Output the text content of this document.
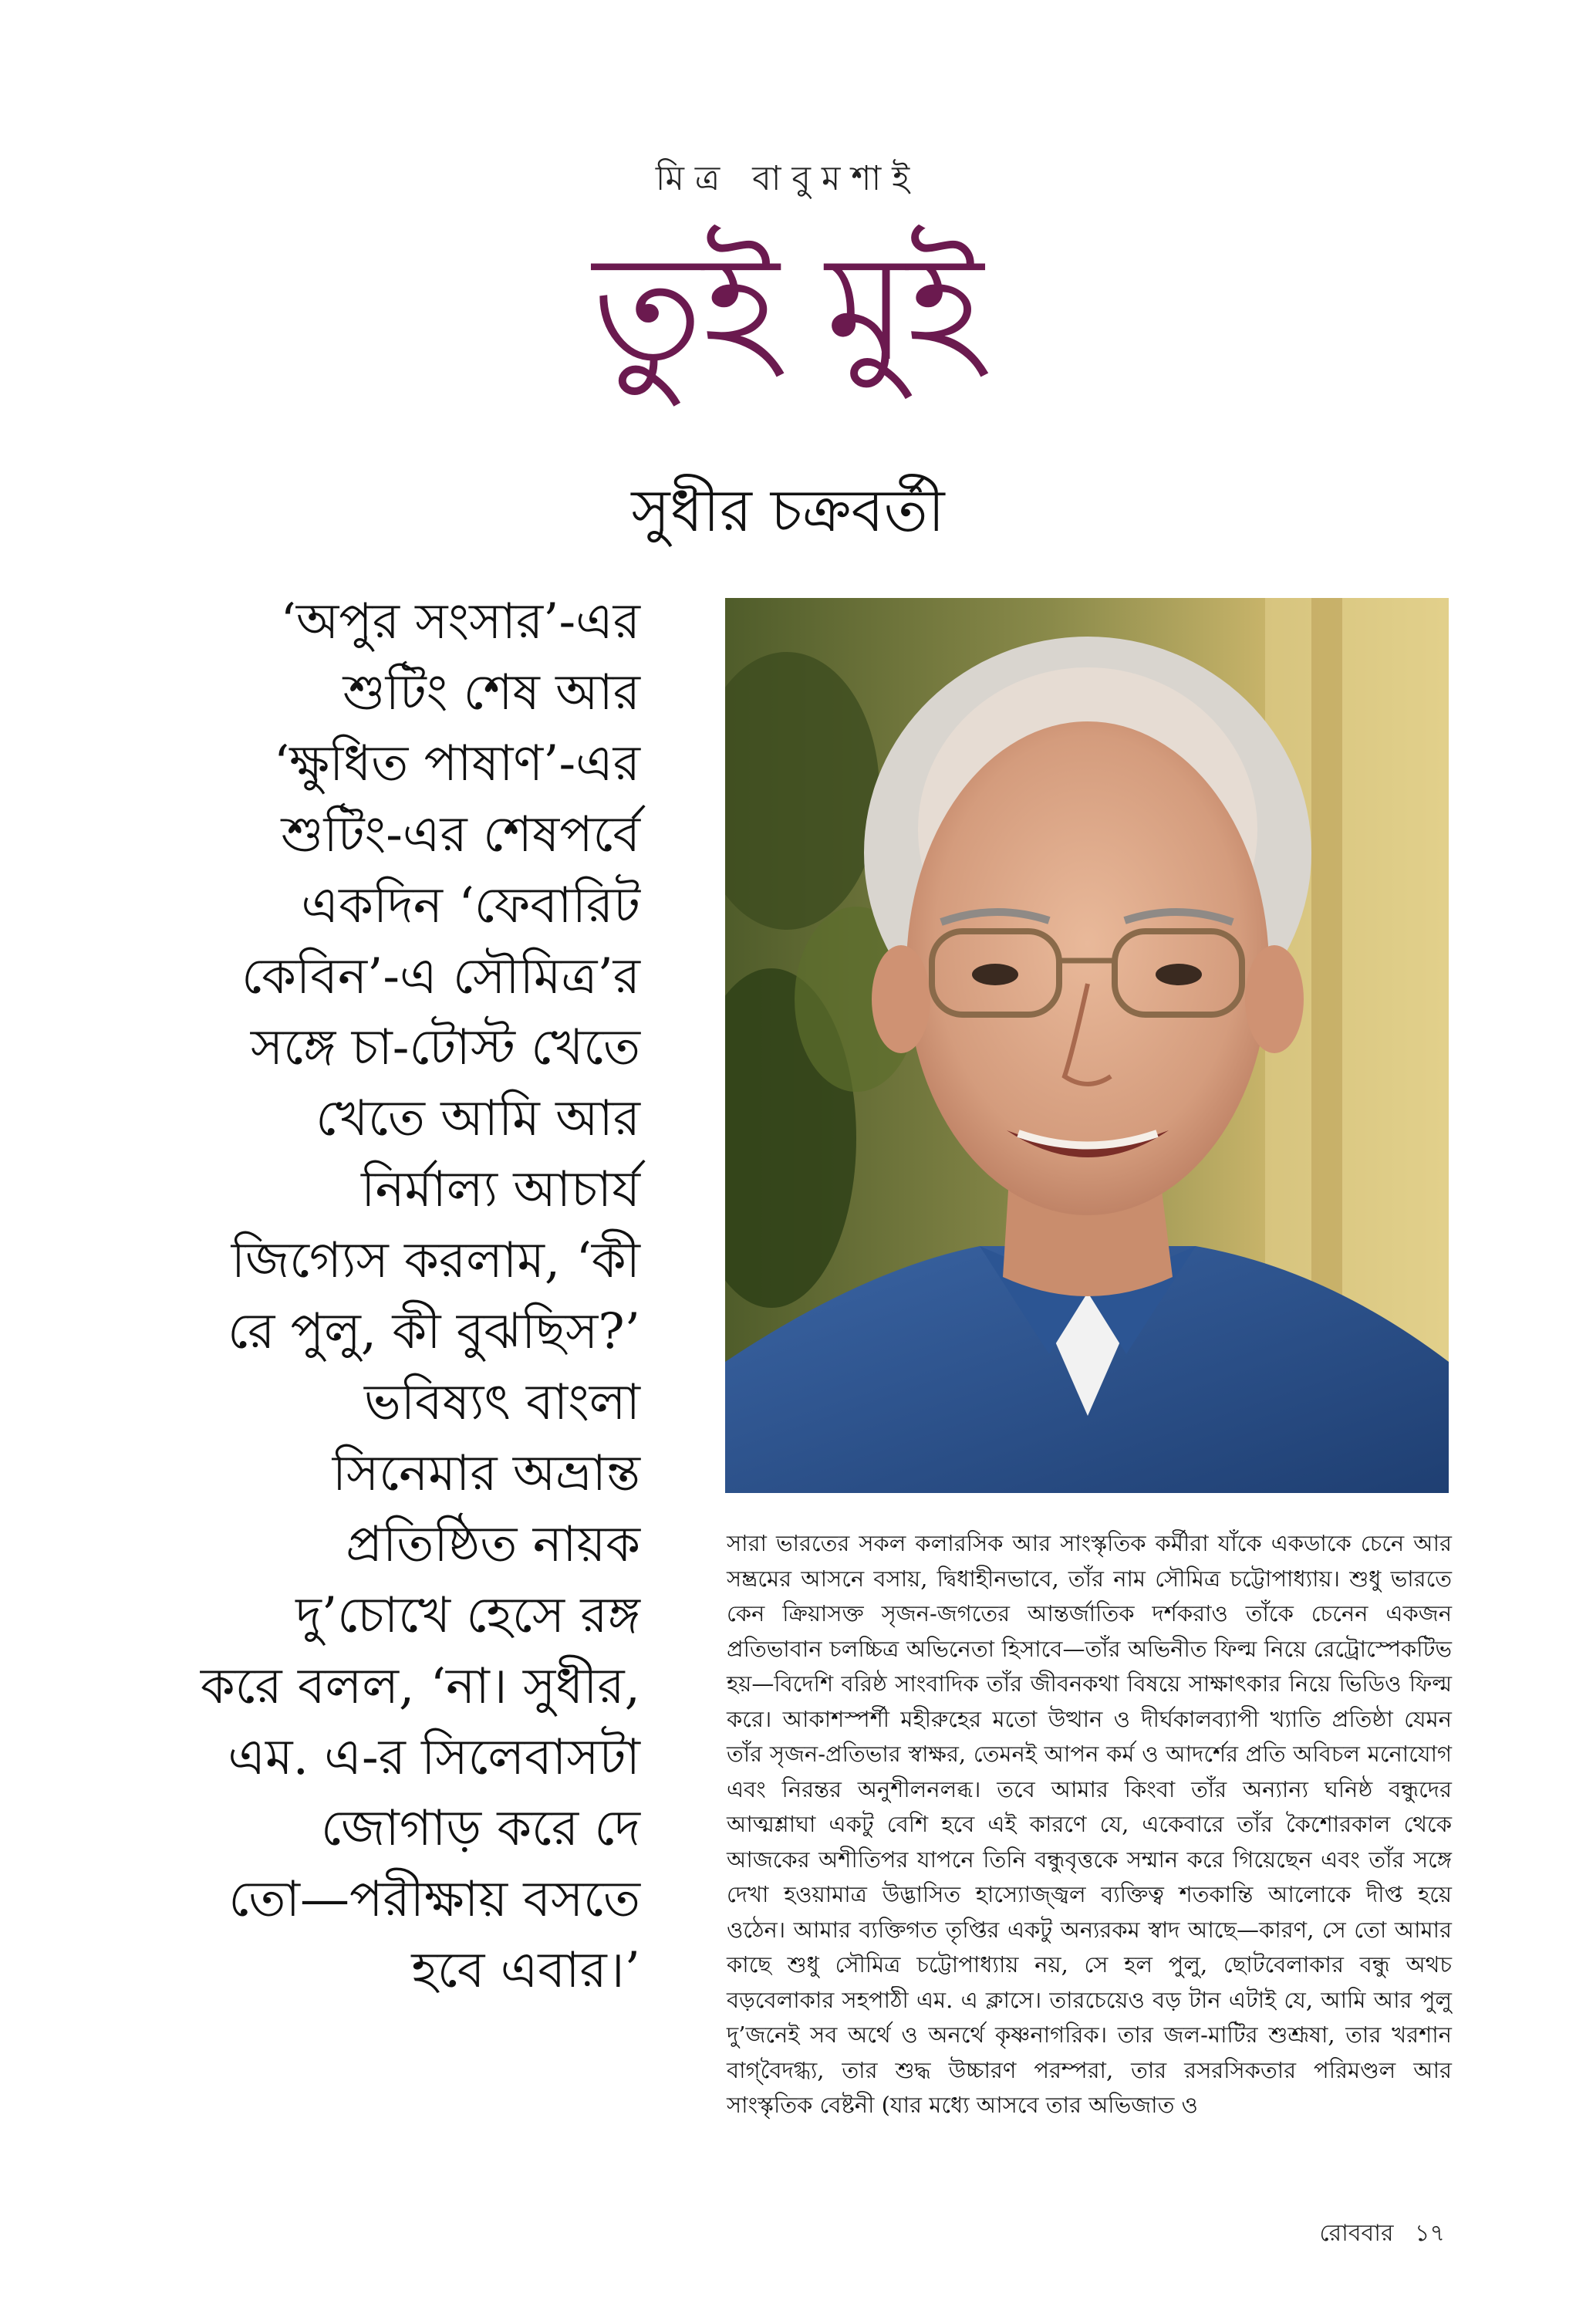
মিত্র বাবুমশাই
তুই মুই
সুধীর চক্রবর্তী
‘অপুর সংসার’-এর
শুটিং শেষ আর
‘ক্ষুধিত পাষাণ’-এর
শুটিং-এর শেষপর্বে
একদিন ‘ফেবারিট
কেবিন’-এ সৌমিত্র’র
সঙ্গে চা-টোস্ট খেতে
খেতে আমি আর
নির্মাল্য আচার্য
জিগ্যেস করলাম, ‘কী
রে পুলু, কী বুঝছিস?’
ভবিষ্যৎ বাংলা
সিনেমার অভ্রান্ত
প্রতিষ্ঠিত নায়ক
দু’চোখে হেসে রঙ্গ
করে বলল, ‘না। সুধীর,
এম. এ-র সিলেবাসটা
জোগাড় করে দে
তো—পরীক্ষায় বসতে
হবে এবার।’

সারা ভারতের সকল কলারসিক আর সাংস্কৃতিক কর্মীরা যাঁকে একডাকে চেনে আর সম্ভ্রমের আসনে বসায়, দ্বিধাহীনভাবে, তাঁর নাম সৌমিত্র চট্টোপাধ্যায়। শুধু ভারতে কেন ক্রিয়াসক্ত সৃজন-জগতের আন্তর্জাতিক দর্শকরাও তাঁকে চেনেন একজন প্রতিভাবান চলচ্চিত্র অভিনেতা হিসাবে—তাঁর অভিনীত ফিল্ম নিয়ে রেট্রোস্পেকটিভ হয়—বিদেশি বরিষ্ঠ সাংবাদিক তাঁর জীবনকথা বিষয়ে সাক্ষাৎকার নিয়ে ভিডিও ফিল্ম করে। আকাশস্পর্শী মহীরুহের মতো উত্থান ও দীর্ঘকালব্যাপী খ্যাতি প্রতিষ্ঠা যেমন তাঁর সৃজন-প্রতিভার স্বাক্ষর, তেমনই আপন কর্ম ও আদর্শের প্রতি অবিচল মনোযোগ এবং নিরন্তর অনুশীলনলব্ধ। তবে আমার কিংবা তাঁর অন্যান্য ঘনিষ্ঠ বন্ধুদের আত্মশ্লাঘা একটু বেশি হবে এই কারণে যে, একেবারে তাঁর কৈশোরকাল থেকে আজকের অশীতিপর যাপনে তিনি বন্ধুবৃত্তকে সম্মান করে গিয়েছেন এবং তাঁর সঙ্গে দেখা হওয়ামাত্র উদ্ভাসিত হাস্যোজ্জ্বল ব্যক্তিত্ব শতকান্তি আলোকে দীপ্ত হয়ে ওঠেন। আমার ব্যক্তিগত তৃপ্তির একটু অন্যরকম স্বাদ আছে—কারণ, সে তো আমার কাছে শুধু সৌমিত্র চট্টোপাধ্যায় নয়, সে হল পুলু, ছোটবেলাকার বন্ধু অথচ বড়বেলাকার সহপাঠী এম. এ ক্লাসে। তারচেয়েও বড় টান এটাই যে, আমি আর পুলু দু’জনেই সব অর্থে ও অনর্থে কৃষ্ণনাগরিক। তার জল-মাটির শুশ্রূষা, তার খরশান বাগ্‌বৈদগ্ধ্য, তার শুদ্ধ উচ্চারণ পরম্পরা, তার রসরসিকতার পরিমণ্ডল আর সাংস্কৃতিক বেষ্টনী (যার মধ্যে আসবে তার অভিজাত ও

রোববার ১৭
